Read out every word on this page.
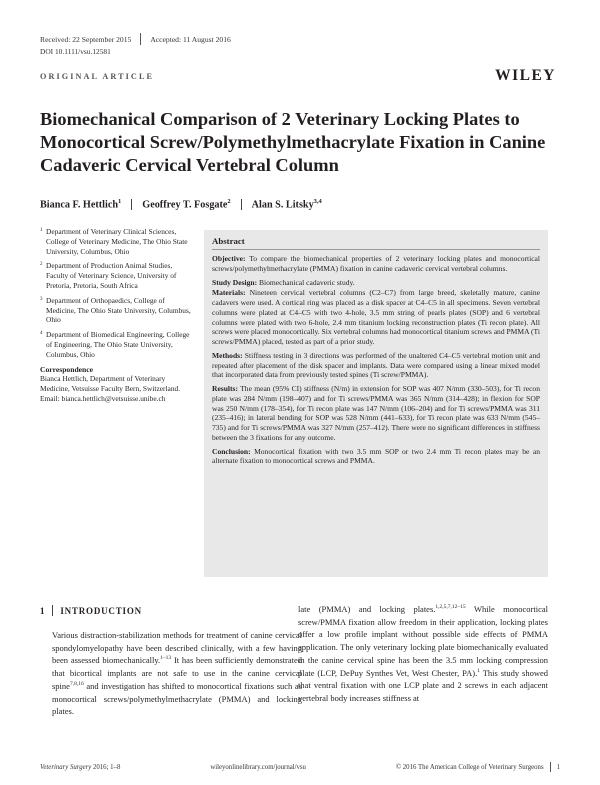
Received: 22 September 2015	Accepted: 11 August 2016
DOI 10.1111/vsu.12581
ORIGINAL ARTICLE	WILEY
Biomechanical Comparison of 2 Veterinary Locking Plates to Monocortical Screw/Polymethylmethacrylate Fixation in Canine Cadaveric Cervical Vertebral Column
Bianca F. Hettlich$^1$ Geoffrey T. Fosgate$^2$ Alan S. Litsky$^{3,4}$
1 Department of Veterinary Clinical Sciences, College of Veterinary Medicine, The Ohio State University, Columbus, Ohio
2 Department of Production Animal Studies, Faculty of Veterinary Science, University of Pretoria, Pretoria, South Africa
3 Department of Orthopaedics, College of Medicine, The Ohio State University, Columbus, Ohio
4 Department of Biomedical Engineering, College of Engineering, The Ohio State University, Columbus, Ohio
Correspondence
Bianca Hettlich, Department of Veterinary Medicine, Vetsuisse Faculty Bern, Switzerland. Email: bianca.hettlich@vetsuisse.unibe.ch
Abstract
Objective: To compare the biomechanical properties of 2 veterinary locking plates and monocortical screws/polymethylmethacrylate (PMMA) fixation in canine cadaveric cervical vertebral columns.
Study Design: Biomechanical cadaveric study.
Materials: Nineteen cervical vertebral columns (C2–C7) from large breed, skeletally mature, canine cadavers were used. A cortical ring was placed as a disk spacer at C4–C5 in all specimens. Seven vertebral columns were plated at C4–C5 with two 4-hole, 3.5 mm string of pearls plates (SOP) and 6 vertebral columns were plated with two 6-hole, 2.4 mm titanium locking reconstruction plates (Ti recon plate). All screws were placed monocortically. Six vertebral columns had monocortical titanium screws and PMMA (Ti screws/PMMA) placed, tested as part of a prior study.
Methods: Stiffness testing in 3 directions was performed of the unaltered C4–C5 vertebral motion unit and repeated after placement of the disk spacer and implants. Data were compared using a linear mixed model that incorporated data from previously tested spines (Ti screw/PMMA).
Results: The mean (95% CI) stiffness (N/m) in extension for SOP was 407 N/mm (330–503), for Ti recon plate was 284 N/mm (198–407) and for Ti screws/PMMA was 365 N/mm (314–428); in flexion for SOP was 250 N/mm (178–354), for Ti recon plate was 147 N/mm (106–204) and for Ti screws/PMMA was 311 (235–416); in lateral bending for SOP was 528 N/mm (441–633), for Ti recon plate was 633 N/mm (545–735) and for Ti screws/PMMA was 327 N/mm (257–412). There were no significant differences in stiffness between the 3 fixations for any outcome.
Conclusion: Monocortical fixation with two 3.5 mm SOP or two 2.4 mm Ti recon plates may be an alternate fixation to monocortical screws and PMMA.
1 INTRODUCTION
Various distraction-stabilization methods for treatment of canine cervical spondylomyelopathy have been described clinically, with a few having been assessed biomechanically.$^{1-13}$ It has been sufficiently demonstrated that bicortical implants are not safe to use in the canine cervical spine$^{7,8,16}$ and investigation has shifted to monocortical fixations such as monocortical screws/polymethylmethacrylate (PMMA) and locking plates.
late (PMMA) and locking plates.$^{1,2,5,7,12-15}$ While monocortical screw/PMMA fixation allow freedom in their application, locking plates offer a low profile implant without possible side effects of PMMA application. The only veterinary locking plate biomechanically evaluated in the canine cervical spine has been the 3.5 mm locking compression plate (LCP, DePuy Synthes Vet, West Chester, PA).$^1$ This study showed that ventral fixation with one LCP plate and 2 screws in each adjacent vertebral body increases stiffness at
Veterinary Surgery 2016; 1–8	wileyonlinelibrary.com/journal/vsu	© 2016 The American College of Veterinary Surgeons 1
